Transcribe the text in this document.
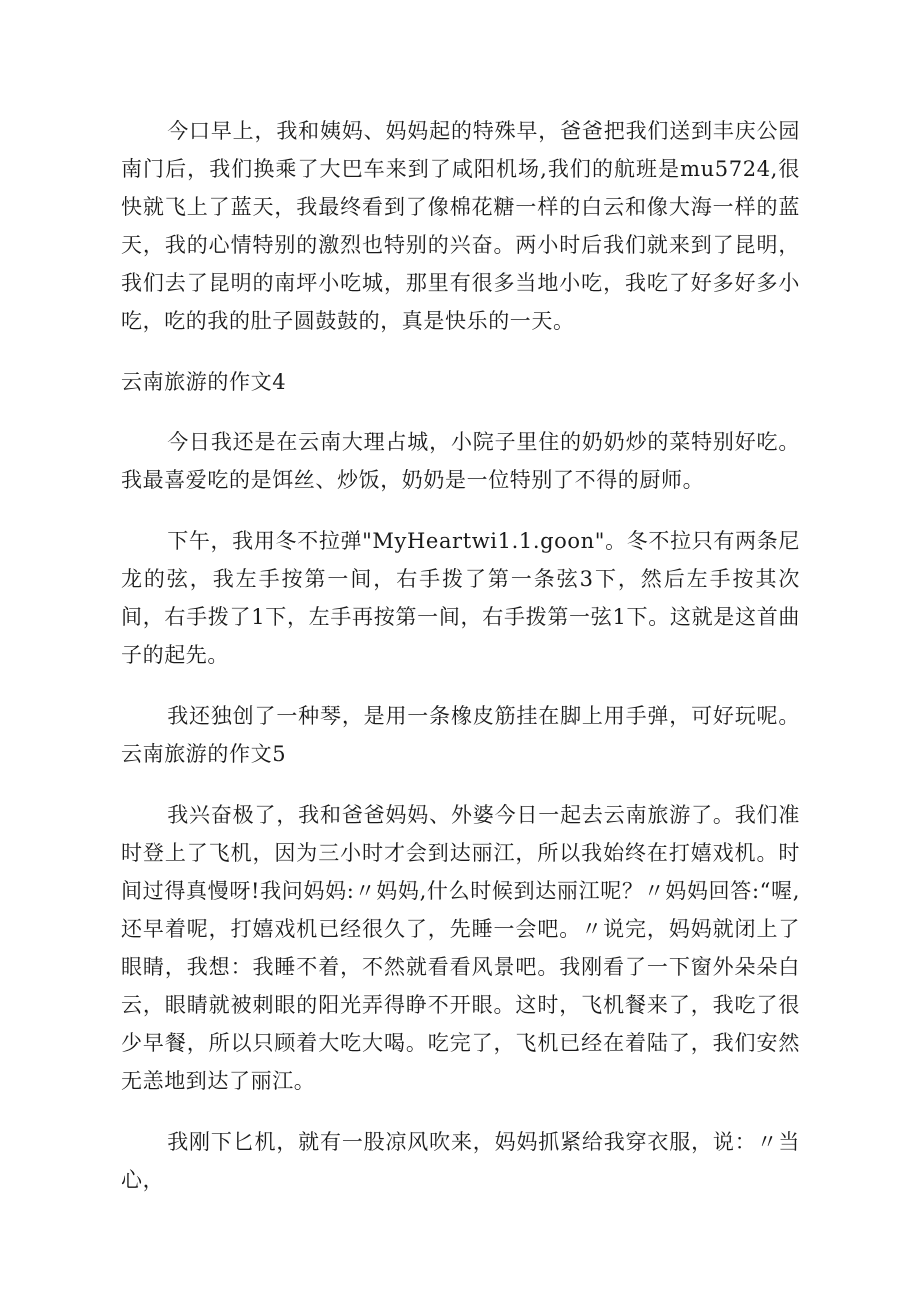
今口早上，我和姨妈、妈妈起的特殊早，爸爸把我们送到丰庆公园南门后，我们换乘了大巴车来到了咸阳机场,我们的航班是mu5724,很快就飞上了蓝天，我最终看到了像棉花糖一样的白云和像大海一样的蓝天，我的心情特别的激烈也特别的兴奋。两小时后我们就来到了昆明，我们去了昆明的南坪小吃城，那里有很多当地小吃，我吃了好多好多小吃，吃的我的肚子圆鼓鼓的，真是快乐的一天。

云南旅游的作文4

今日我还是在云南大理占城，小院子里住的奶奶炒的菜特别好吃。我最喜爱吃的是饵丝、炒饭，奶奶是一位特别了不得的厨师。

下午，我用冬不拉弹"MyHeartwi1.1.goon"。冬不拉只有两条尼龙的弦，我左手按第一间，右手拨了第一条弦3下，然后左手按其次间，右手拨了1下，左手再按第一间，右手拨第一弦1下。这就是这首曲子的起先。

我还独创了一种琴，是用一条橡皮筋挂在脚上用手弹，可好玩呢。云南旅游的作文5

我兴奋极了，我和爸爸妈妈、外婆今日一起去云南旅游了。我们准时登上了飞机，因为三小时才会到达丽江，所以我始终在打嬉戏机。时间过得真慢呀!我问妈妈:〃妈妈,什么时候到达丽江呢？〃妈妈回答:“喔,还早着呢，打嬉戏机已经很久了，先睡一会吧。〃说完，妈妈就闭上了眼睛，我想：我睡不着，不然就看看风景吧。我刚看了一下窗外朵朵白云，眼睛就被刺眼的阳光弄得睁不开眼。这时，飞机餐来了，我吃了很少早餐，所以只顾着大吃大喝。吃完了，飞机已经在着陆了，我们安然无恙地到达了丽江。

我刚下匕机，就有一股凉风吹来，妈妈抓紧给我穿衣服，说：〃当心，
